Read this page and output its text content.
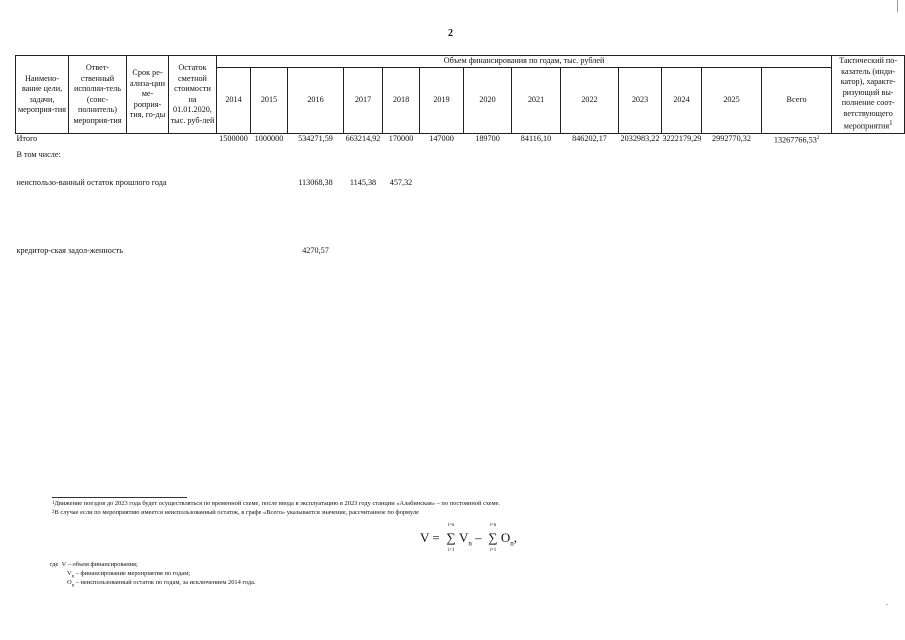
2
Наимено-вание цели, задачи, мероприя-тия	Ответ-ственный исполни-тель (соис-полнитель) мероприя-тия	Срок ре-ализа-ции ме-роприя-тия, го-ды	Остаток сметной стоимости на 01.01.2020, тыс. руб-лей	Объем финансирования по годам, тыс. рублей													Тактический по-казатель (инди-катор), характе-ризующий вы-полнение соот-ветствующего мероприятия$^1$
				2014	2015	2016	2017	2018	2019	2020	2021	2022	2023	2024	2025	Всего	
Итого				1500000	1000000	534271,59	663214,92	170000	147000	189700	84116,10	846202,17	2032983,22	3222179,29	2992770,32	13267766,53$^2$	
В том числе:																	
неиспользо-ванный остаток прошлого года						113068,38	1145,38	457,32									
кредитор-ская задол-женность						4270,57											
$^1$Движение поездов до 2023 года будет осуществляться по временной схеме, после ввода в эксплуатацию в 2023 году станции «Алабинская» – по постоянной схеме.
$^2$В случае если по мероприятию имеется неиспользованный остаток, в графе «Всего» указывается значение, рассчитанное по формуле
V =
i=n
∑
i=1
$V_n$ –
i=n
∑
i=1
$O_n$,
где V – объем финансирования;
$V_n$ – финансирование мероприятия по годам;
$O_n$ – неиспользованный остаток по годам, за исключением 2014 года.
.
